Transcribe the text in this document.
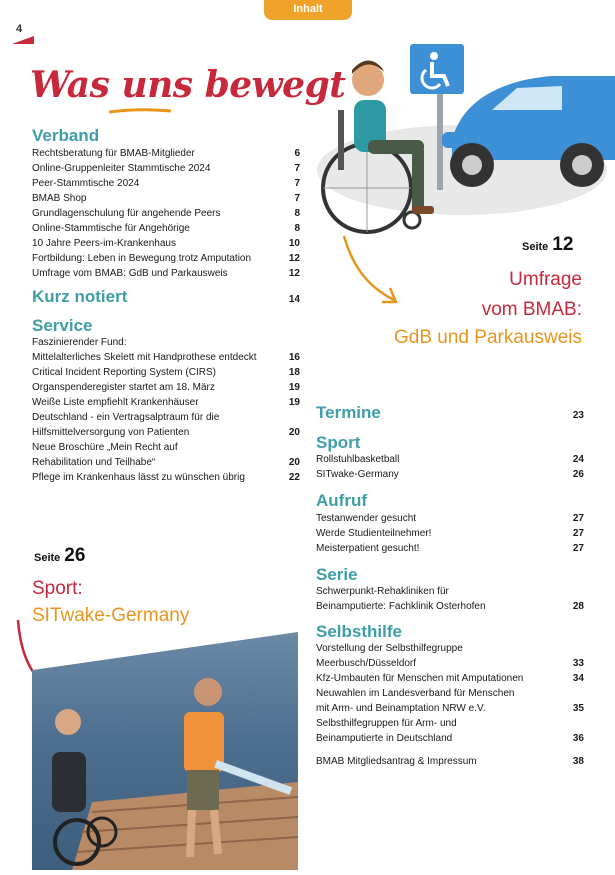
Inhalt
4
Was uns bewegt
Verband
Rechtsberatung für BMAB-Mitglieder	6
Online-Gruppenleiter Stammtische 2024	7
Peer-Stammtische 2024	7
BMAB Shop	7
Grundlagenschulung für angehende Peers	8
Online-Stammtische für Angehörige	8
10 Jahre Peers-im-Krankenhaus	10
Fortbildung: Leben in Bewegung trotz Amputation	12
Umfrage vom BMAB: GdB und Parkausweis	12
Kurz notiert	14
Service
Faszinierender Fund:
Mittelalterliches Skelett mit Handprothese entdeckt	16
Critical Incident Reporting System (CIRS)	18
Organspenderegister startet am 18. März	19
Weiße Liste empfiehlt Krankenhäuser	19
Deutschland - ein Vertragsalptraum für die
Hilfsmittelversorgung von Patienten	20
Neue Broschüre „Mein Recht auf
Rehabilitation und Teilhabe“	20
Pflege im Krankenhaus lässt zu wünschen übrig	22
Seite 26
Sport:
SITwake-Germany
Seite 12
Umfrage
vom BMAB:
GdB und Parkausweis
Termine	23
Sport
Rollstuhlbasketball	24
SITwake-Germany	26
Aufruf
Testanwender gesucht	27
Werde Studienteilnehmer!	27
Meisterpatient gesucht!	27
Serie
Schwerpunkt-Rehakliniken für
Beinamputierte: Fachklinik Osterhofen	28
Selbsthilfe
Vorstellung der Selbsthilfegruppe
Meerbusch/Düsseldorf	33
Kfz-Umbauten für Menschen mit Amputationen	34
Neuwahlen im Landesverband für Menschen
mit Arm- und Beinamptation NRW e.V.	35
Selbsthilfegruppen für Arm- und
Beinamputierte in Deutschland	36
BMAB Mitgliedsantrag & Impressum	38
